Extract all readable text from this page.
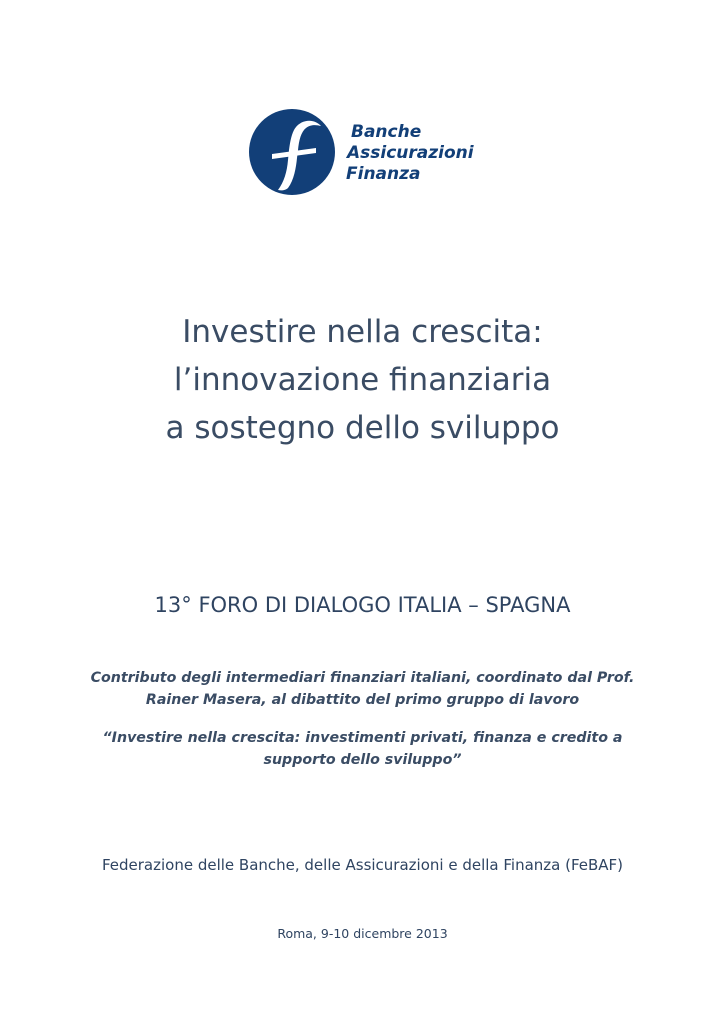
Banche
Assicurazioni
Finanza
Investire nella crescita:
l’innovazione finanziaria
a sostegno dello sviluppo
13° FORO DI DIALOGO ITALIA – SPAGNA
Contributo degli intermediari finanziari italiani, coordinato dal Prof.
Rainer Masera, al dibattito del primo gruppo di lavoro
“Investire nella crescita: investimenti privati, finanza e credito a
supporto dello sviluppo”
Federazione delle Banche, delle Assicurazioni e della Finanza (FeBAF)
Roma, 9-10 dicembre 2013
